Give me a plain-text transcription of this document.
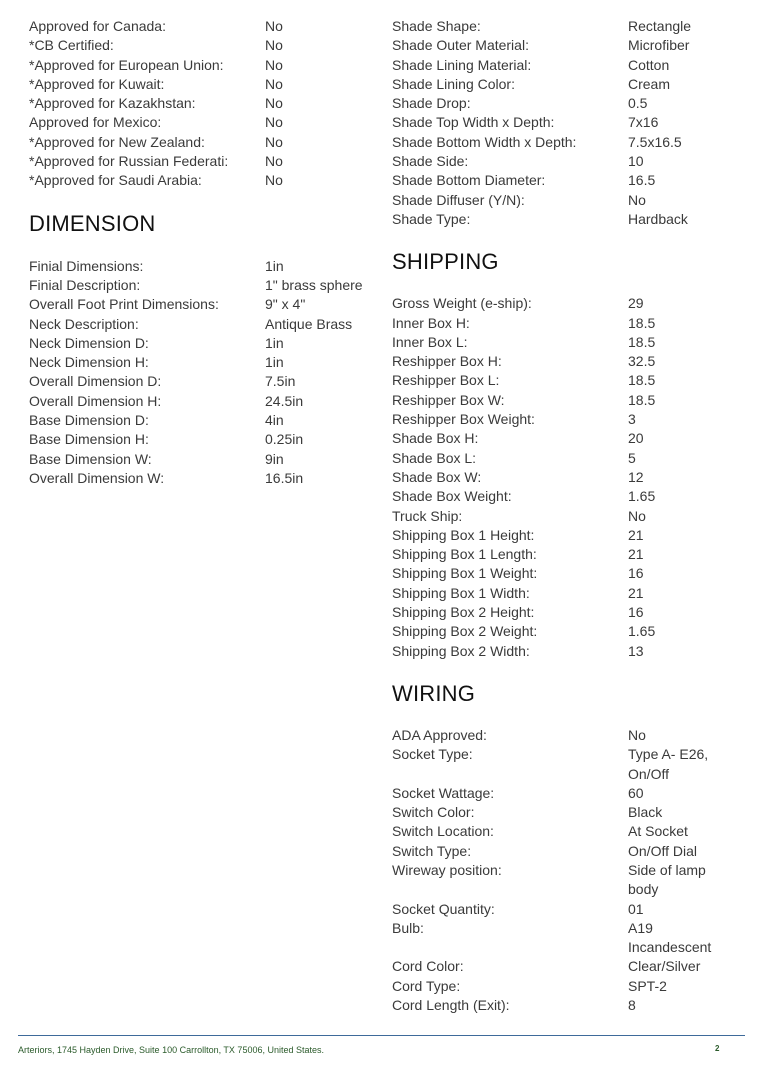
Approved for Canada:	No
*CB Certified:	No
*Approved for European Union:	No
*Approved for Kuwait:	No
*Approved for Kazakhstan:	No
Approved for Mexico:	No
*Approved for New Zealand:	No
*Approved for Russian Federati:	No
*Approved for Saudi Arabia:	No
DIMENSION
Finial Dimensions:	1in
Finial Description:	1" brass sphere
Overall Foot Print Dimensions:	9" x 4"
Neck Description:	Antique Brass
Neck Dimension D:	1in
Neck Dimension H:	1in
Overall Dimension D:	7.5in
Overall Dimension H:	24.5in
Base Dimension D:	4in
Base Dimension H:	0.25in
Base Dimension W:	9in
Overall Dimension W:	16.5in
Shade Shape:	Rectangle
Shade Outer Material:	Microfiber
Shade Lining Material:	Cotton
Shade Lining Color:	Cream
Shade Drop:	0.5
Shade Top Width x Depth:	7x16
Shade Bottom Width x Depth:	7.5x16.5
Shade Side:	10
Shade Bottom Diameter:	16.5
Shade Diffuser (Y/N):	No
Shade Type:	Hardback
SHIPPING
Gross Weight (e-ship):	29
Inner Box H:	18.5
Inner Box L:	18.5
Reshipper Box H:	32.5
Reshipper Box L:	18.5
Reshipper Box W:	18.5
Reshipper Box Weight:	3
Shade Box H:	20
Shade Box L:	5
Shade Box W:	12
Shade Box Weight:	1.65
Truck Ship:	No
Shipping Box 1 Height:	21
Shipping Box 1 Length:	21
Shipping Box 1 Weight:	16
Shipping Box 1 Width:	21
Shipping Box 2 Height:	16
Shipping Box 2 Weight:	1.65
Shipping Box 2 Width:	13
WIRING
ADA Approved:	No
Socket Type:	Type A- E26, On/Off
Socket Wattage:	60
Switch Color:	Black
Switch Location:	At Socket
Switch Type:	On/Off Dial
Wireway position:	Side of lamp body
Socket Quantity:	01
Bulb:	A19 Incandescent
Cord Color:	Clear/Silver
Cord Type:	SPT-2
Cord Length (Exit):	8
Arteriors, 1745 Hayden Drive, Suite 100 Carrollton, TX 75006, United States.	2
